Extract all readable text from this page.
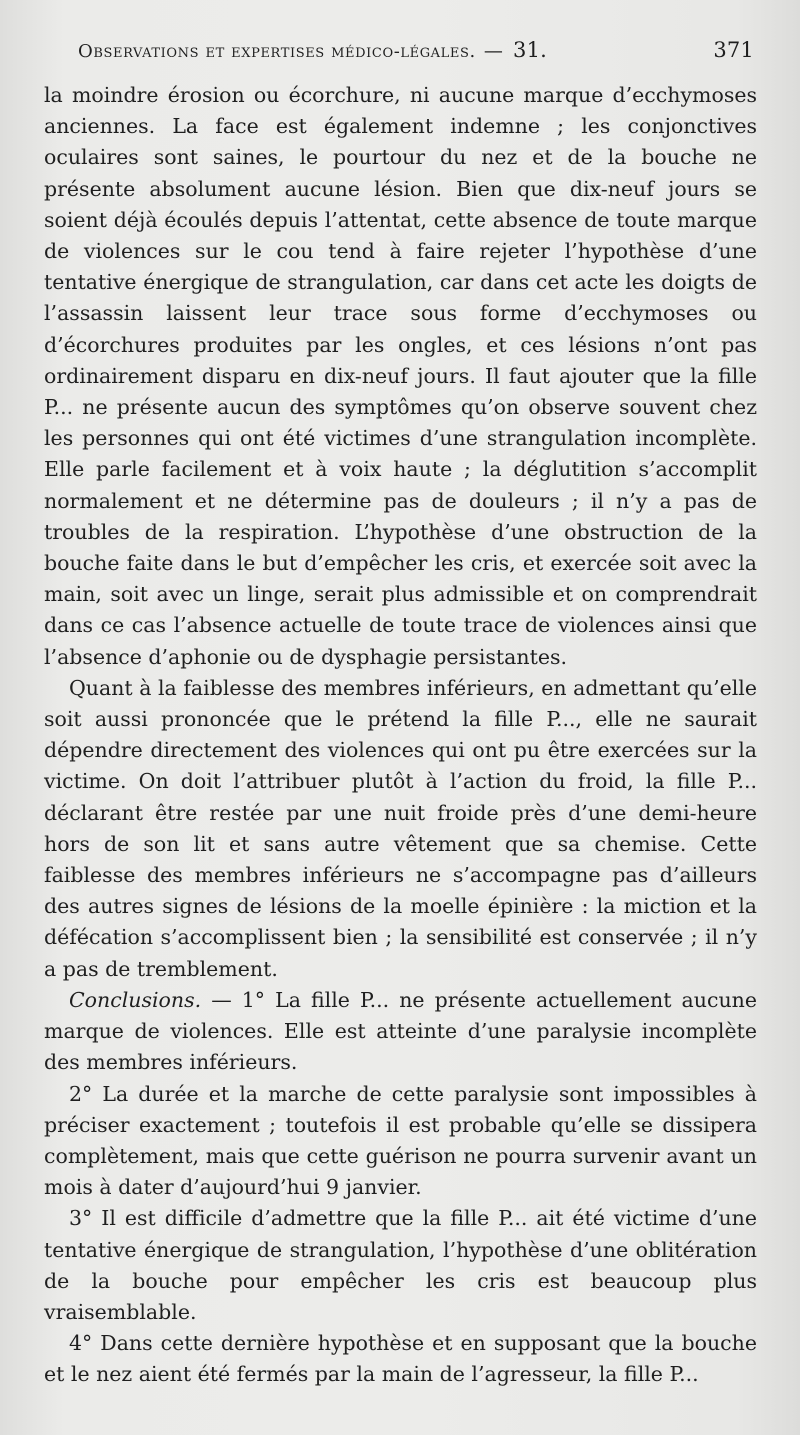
Observations et expertises médico-légales. — 31.	371

la moindre érosion ou écorchure, ni aucune marque d’ecchymoses anciennes. La face est également indemne ; les conjonctives oculaires sont saines, le pourtour du nez et de la bouche ne présente absolument aucune lésion. Bien que dix-neuf jours se soient déjà écoulés depuis l’attentat, cette absence de toute marque de violences sur le cou tend à faire rejeter l’hypothèse d’une tentative énergique de strangulation, car dans cet acte les doigts de l’assassin laissent leur trace sous forme d’ecchymoses ou d’écorchures produites par les ongles, et ces lésions n’ont pas ordinairement disparu en dix-neuf jours. Il faut ajouter que la fille P... ne présente aucun des symptômes qu’on observe souvent chez les personnes qui ont été victimes d’une strangulation incomplète. Elle parle facilement et à voix haute ; la déglutition s’accomplit normalement et ne détermine pas de douleurs ; il n’y a pas de troubles de la respiration. L’hypothèse d’une obstruction de la bouche faite dans le but d’empêcher les cris, et exercée soit avec la main, soit avec un linge, serait plus admissible et on comprendrait dans ce cas l’absence actuelle de toute trace de violences ainsi que l’absence d’aphonie ou de dysphagie persistantes.

Quant à la faiblesse des membres inférieurs, en admettant qu’elle soit aussi prononcée que le prétend la fille P..., elle ne saurait dépendre directement des violences qui ont pu être exercées sur la victime. On doit l’attribuer plutôt à l’action du froid, la fille P... déclarant être restée par une nuit froide près d’une demi-heure hors de son lit et sans autre vêtement que sa chemise. Cette faiblesse des membres inférieurs ne s’accompagne pas d’ailleurs des autres signes de lésions de la moelle épinière : la miction et la défécation s’accomplissent bien ; la sensibilité est conservée ; il n’y a pas de tremblement.

Conclusions. — 1° La fille P... ne présente actuellement aucune marque de violences. Elle est atteinte d’une paralysie incomplète des membres inférieurs.

2° La durée et la marche de cette paralysie sont impossibles à préciser exactement ; toutefois il est probable qu’elle se dissipera complètement, mais que cette guérison ne pourra survenir avant un mois à dater d’aujourd’hui 9 janvier.

3° Il est difficile d’admettre que la fille P... ait été victime d’une tentative énergique de strangulation, l’hypothèse d’une oblitération de la bouche pour empêcher les cris est beaucoup plus vraisemblable.

4° Dans cette dernière hypothèse et en supposant que la bouche et le nez aient été fermés par la main de l’agresseur, la fille P...
